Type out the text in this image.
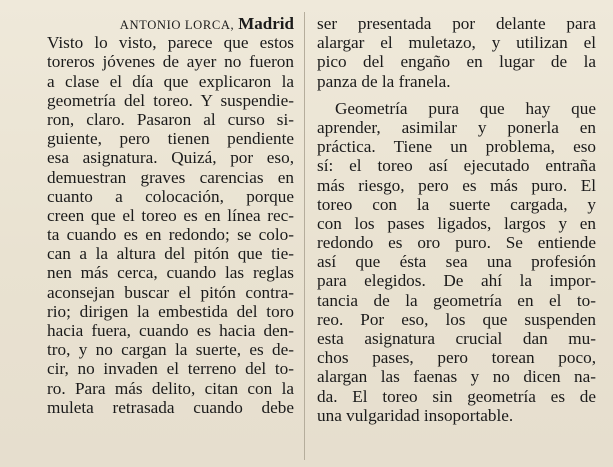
ANTONIO LORCA, Madrid
Visto lo visto, parece que estos
toreros jóvenes de ayer no fueron
a clase el día que explicaron la
geometría del toreo. Y suspendie-
ron, claro. Pasaron al curso si-
guiente, pero tienen pendiente
esa asignatura. Quizá, por eso,
demuestran graves carencias en
cuanto a colocación, porque
creen que el toreo es en línea rec-
ta cuando es en redondo; se colo-
can a la altura del pitón que tie-
nen más cerca, cuando las reglas
aconsejan buscar el pitón contra-
rio; dirigen la embestida del toro
hacia fuera, cuando es hacia den-
tro, y no cargan la suerte, es de-
cir, no invaden el terreno del to-
ro. Para más delito, citan con la
muleta retrasada cuando debe
ser presentada por delante para
alargar el muletazo, y utilizan el
pico del engaño en lugar de la
panza de la franela.
Geometría pura que hay que
aprender, asimilar y ponerla en
práctica. Tiene un problema, eso
sí: el toreo así ejecutado entraña
más riesgo, pero es más puro. El
toreo con la suerte cargada, y
con los pases ligados, largos y en
redondo es oro puro. Se entiende
así que ésta sea una profesión
para elegidos. De ahí la impor-
tancia de la geometría en el to-
reo. Por eso, los que suspenden
esta asignatura crucial dan mu-
chos pases, pero torean poco,
alargan las faenas y no dicen na-
da. El toreo sin geometría es de
una vulgaridad insoportable.
